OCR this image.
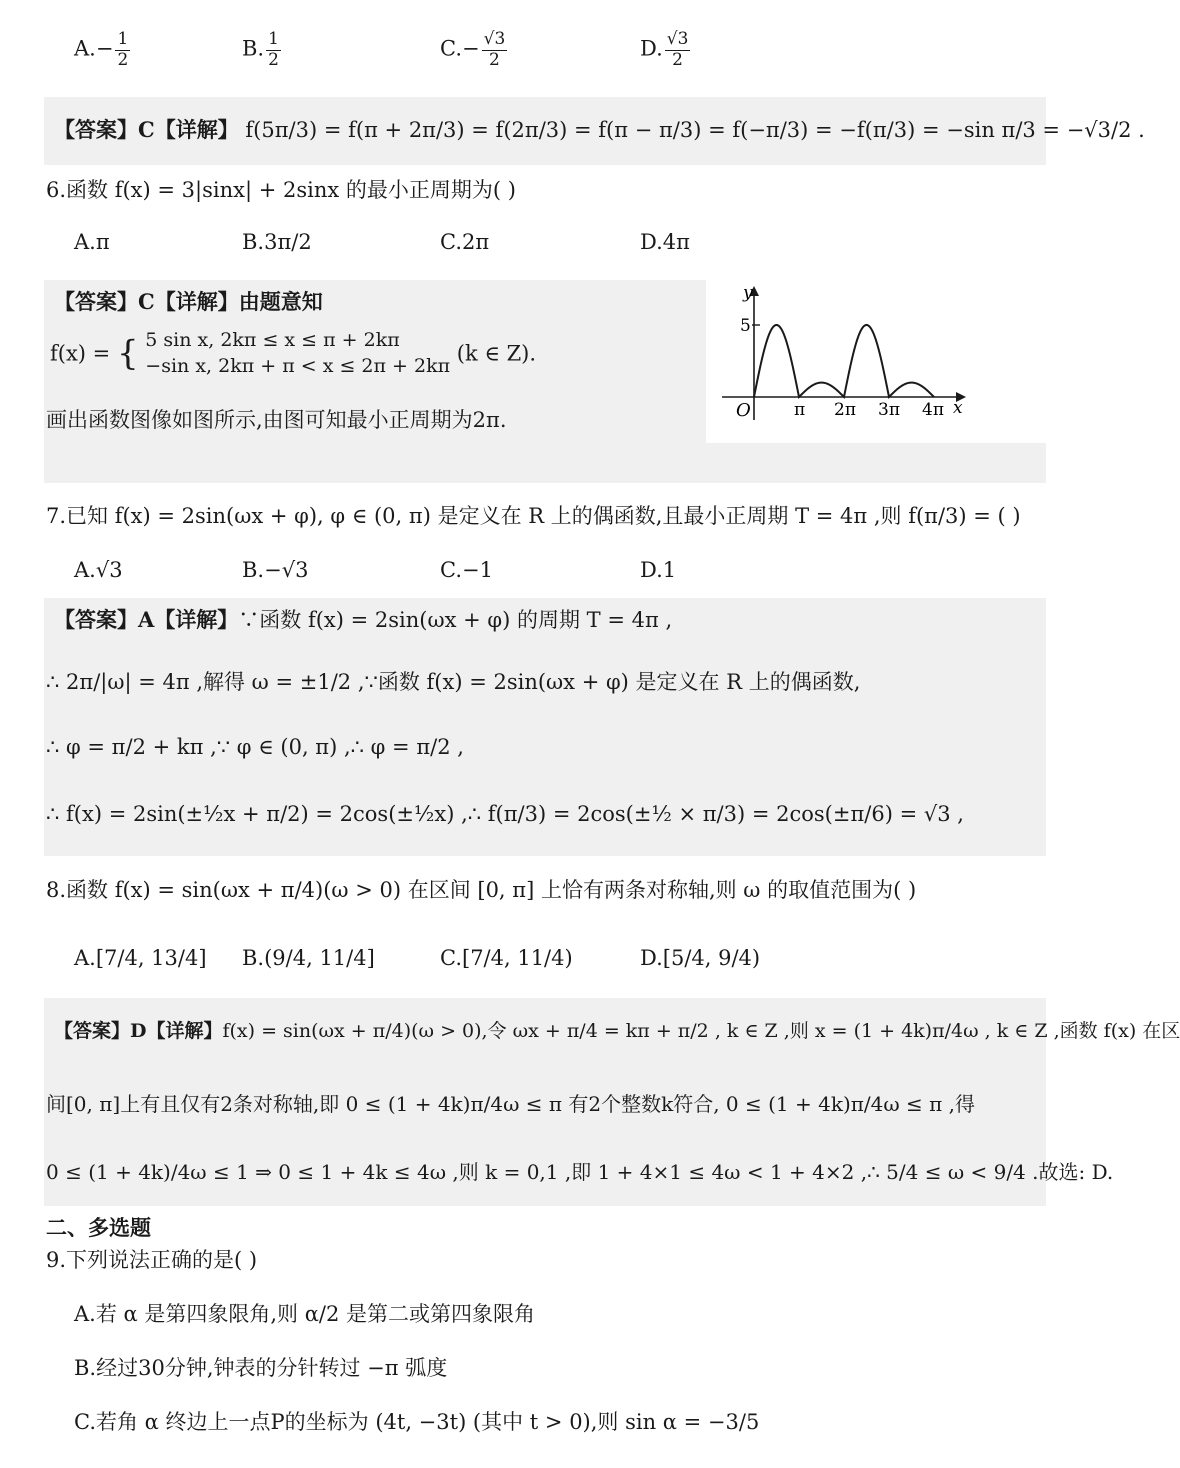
$A.- \frac{1}{2}$	B. $\frac{1}{2}$	$C.- \frac{√3}{2}$	D. $\frac{√3}{2}$
【答案】C【详解】 f(5π/3) = f(π + 2π/3) = f(2π/3) = f(π − π/3) = f(−π/3) = −f(π/3) = −sin π/3 = −√3/2 .
6.函数 f(x) = 3|sinx| + 2sinx 的最小正周期为( )
A.π	B.3π/2	C.2π	D.4π
【答案】C【详解】由题意知
f(x) = { 5 sin x, 2kπ ≤ x ≤ π + 2kπ
−sin x, 2kπ + π < x ≤ 2π + 2kπ (k ∈ Z).
画出函数图像如图所示,由图可知最小正周期为2π.
y
x
O
5
π 2π 3π 4π
7.已知 f(x) = 2sin(ωx + φ), φ ∈ (0, π) 是定义在 R 上的偶函数,且最小正周期 T = 4π ,则 f(π/3) = ( )
A.√3	B.−√3	C.−1	D.1
【答案】A【详解】∵函数 f(x) = 2sin(ωx + φ) 的周期 T = 4π ,
∴ 2π/|ω| = 4π ,解得 ω = ±1/2 ,∵函数 f(x) = 2sin(ωx + φ) 是定义在 R 上的偶函数,
∴ φ = π/2 + kπ ,∵ φ ∈ (0, π) ,∴ φ = π/2 ,
∴ f(x) = 2sin(±½x + π/2) = 2cos(±½x) ,∴ f(π/3) = 2cos(±½ × π/3) = 2cos(±π/6) = √3 ,
8.函数 f(x) = sin(ωx + π/4)(ω > 0) 在区间 [0, π] 上恰有两条对称轴,则 ω 的取值范围为( )
A.[7/4, 13/4] B.(9/4, 11/4]	C.[7/4, 11/4)	D.[5/4, 9/4)
【答案】D【详解】f(x) = sin(ωx + π/4)(ω > 0),令 ωx + π/4 = kπ + π/2 , k ∈ Z ,则 x = (1 + 4k)π/4ω , k ∈ Z ,函数 f(x) 在区
间[0, π]上有且仅有2条对称轴,即 0 ≤ (1 + 4k)π/4ω ≤ π 有2个整数k符合, 0 ≤ (1 + 4k)π/4ω ≤ π ,得
0 ≤ (1 + 4k)/4ω ≤ 1 ⇒ 0 ≤ 1 + 4k ≤ 4ω ,则 k = 0,1 ,即 1 + 4×1 ≤ 4ω < 1 + 4×2 ,∴ 5/4 ≤ ω < 9/4 .故选: D.
二、多选题
9.下列说法正确的是( )
A.若 α 是第四象限角,则 α/2 是第二或第四象限角
B.经过30分钟,钟表的分针转过 −π 弧度
C.若角 α 终边上一点P的坐标为 (4t, −3t) (其中 t > 0),则 sin α = −3/5
